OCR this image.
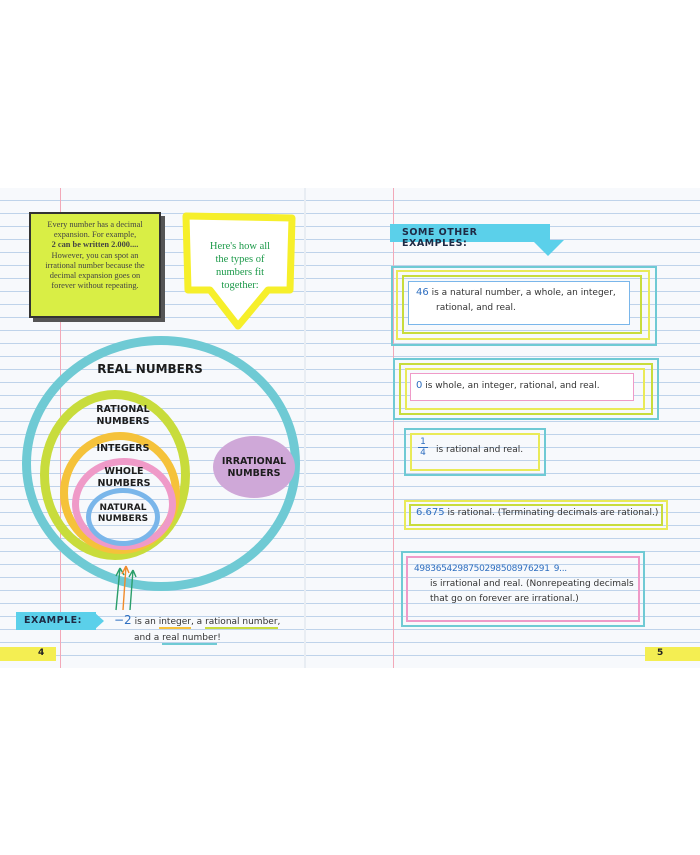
Every number has a decimal
expansion. For example,
2 can be written 2.000....
However, you can spot an
irrational number because the
decimal expansion goes on
forever without repeating.

Here's how all
the types of
numbers fit
together:
REAL NUMBERS
RATIONAL
NUMBERS
INTEGERS
WHOLE
NUMBERS
NATURAL
NUMBERS
IRRATIONAL
NUMBERS
EXAMPLE:	−2 is an integer, a rational number,
and a real number!
4
SOME OTHER EXAMPLES:
46 is a natural number, a whole, an integer,
rational, and real.
0 is whole, an integer, rational, and real.
$\frac{1}{4}$ is rational and real.
6.675 is rational. (Terminating decimals are rational.)
4983654298750298508976291  9...
is irrational and real. (Nonrepeating decimals
that go on forever are irrational.)
5
